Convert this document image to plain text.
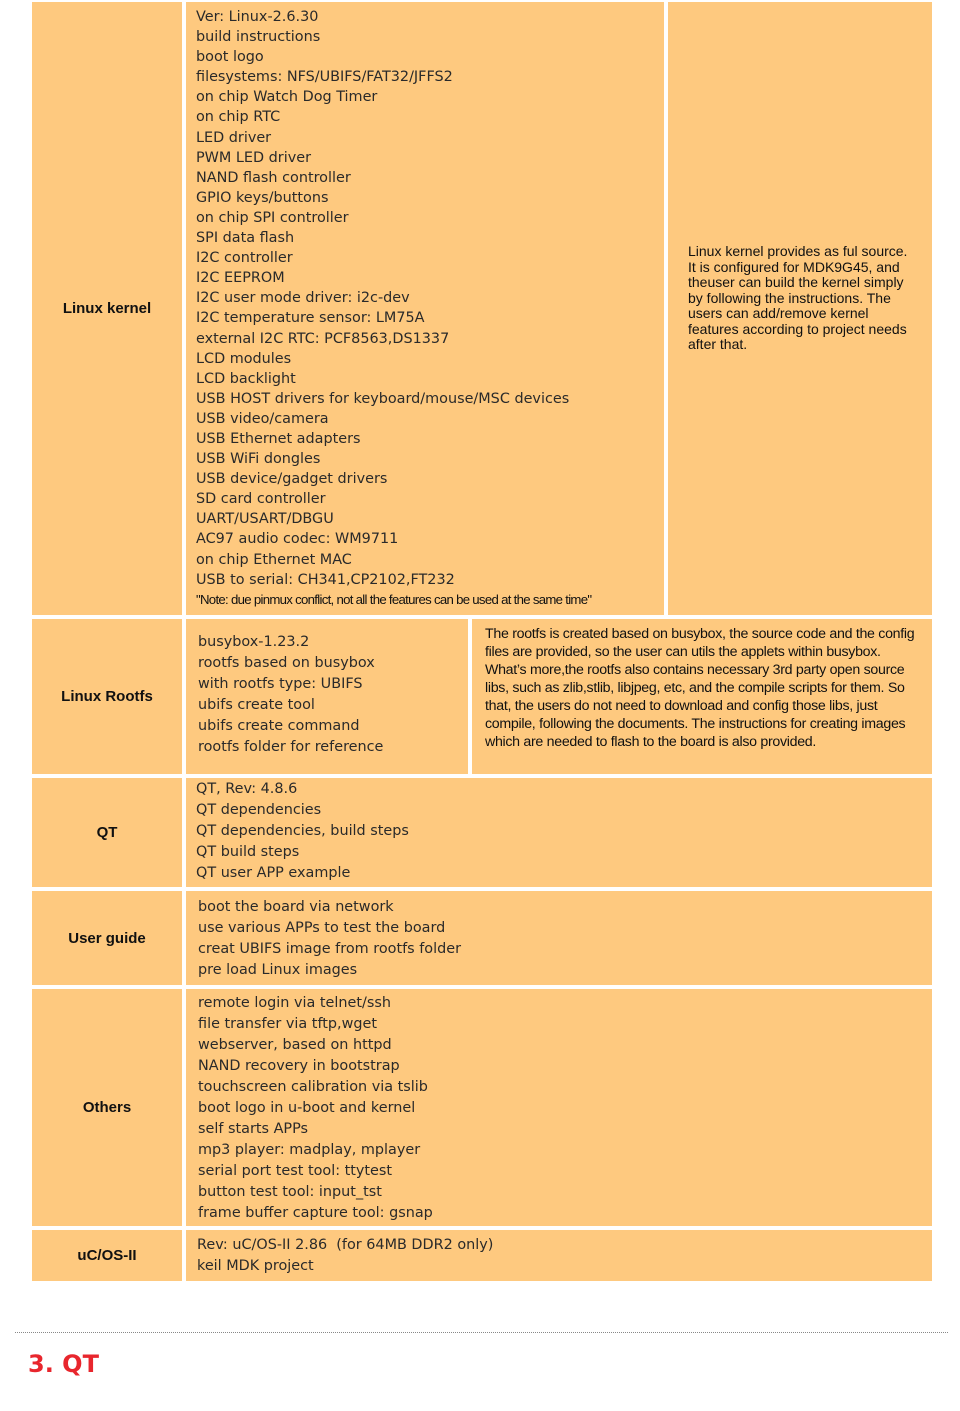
Linux kernel
Ver: Linux-2.6.30
build instructions
boot logo
filesystems: NFS/UBIFS/FAT32/JFFS2
on chip Watch Dog Timer
on chip RTC
LED driver
PWM LED driver
NAND flash controller
GPIO keys/buttons
on chip SPI controller
SPI data flash
I2C controller
I2C EEPROM
I2C user mode driver: i2c-dev
I2C temperature sensor: LM75A
external I2C RTC: PCF8563,DS1337
LCD modules
LCD backlight
USB HOST drivers for keyboard/mouse/MSC devices
USB video/camera
USB Ethernet adapters
USB WiFi dongles
USB device/gadget drivers
SD card controller
UART/USART/DBGU
AC97 audio codec: WM9711
on chip Ethernet MAC
USB to serial: CH341,CP2102,FT232
"Note: due pinmux conflict, not all the features can be used at the same time"
Linux kernel provides as ful source. It is configured for MDK9G45, and theuser can build the kernel simply by following the instructions. The users can add/remove kernel features according to project needs after that.
Linux Rootfs
busybox-1.23.2
rootfs based on busybox
with rootfs type: UBIFS
ubifs create tool
ubifs create command
rootfs folder for reference
The rootfs is created based on busybox, the source code and the config files are provided, so the user can utils the applets within busybox. What’s more,the rootfs also contains necessary 3rd party open source libs, such as zlib,stlib, libjpeg, etc, and the compile scripts for them. So that, the users do not need to download and config those libs, just compile, following the documents. The instructions for creating images which are needed to flash to the board is also provided.
QT
QT, Rev: 4.8.6
QT dependencies
QT dependencies, build steps
QT build steps
QT user APP example
User guide
boot the board via network
use various APPs to test the board
creat UBIFS image from rootfs folder
pre load Linux images
Others
remote login via telnet/ssh
file transfer via tftp,wget
webserver, based on httpd
NAND recovery in bootstrap
touchscreen calibration via tslib
boot logo in u-boot and kernel
self starts APPs
mp3 player: madplay, mplayer
serial port test tool: ttytest
button test tool: input_tst
frame buffer capture tool: gsnap
uC/OS-II
Rev: uC/OS-II 2.86  (for 64MB DDR2 only)
keil MDK project
3. QT
